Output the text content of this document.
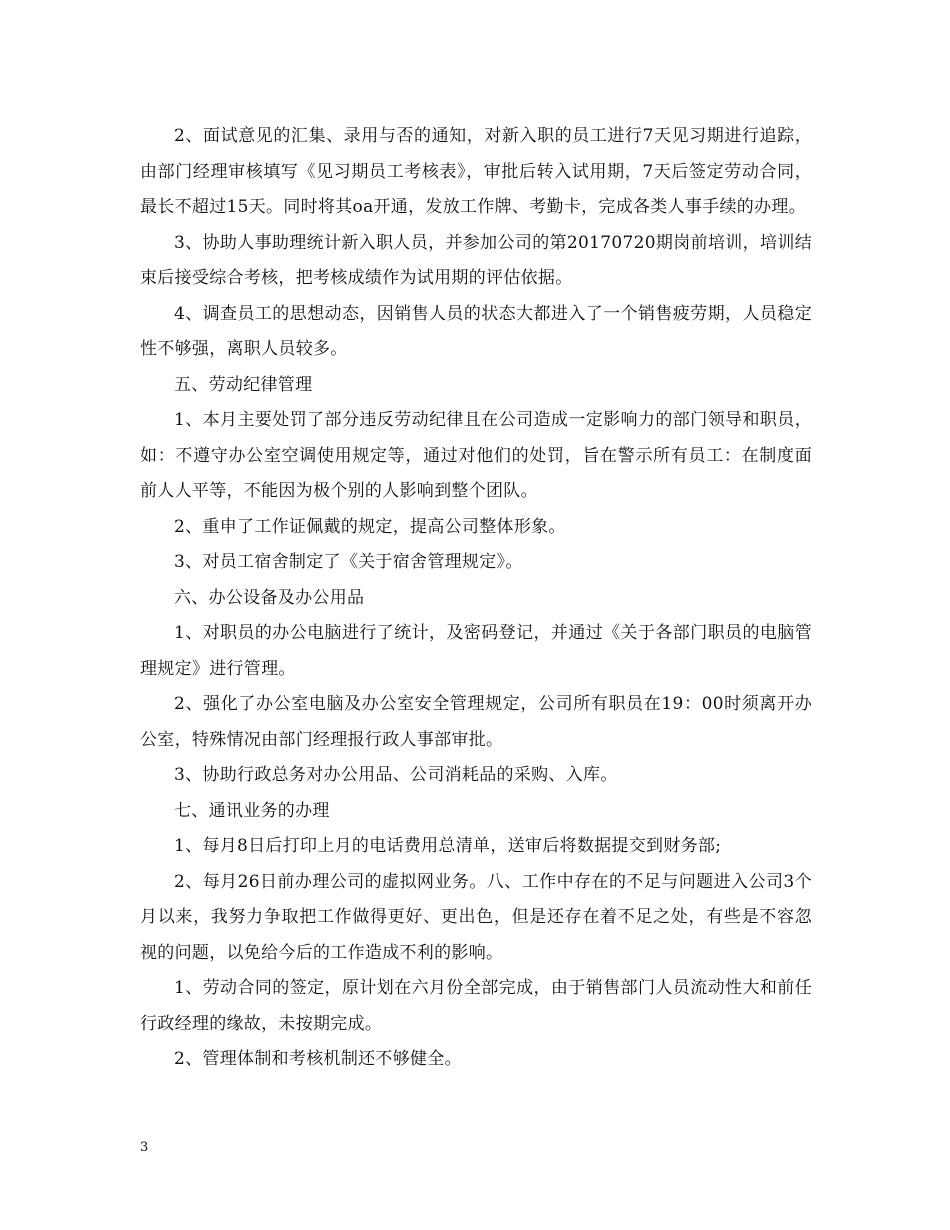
2、面试意见的汇集、录用与否的通知，对新入职的员工进行7天见习期进行追踪，由部门经理审核填写《见习期员工考核表》，审批后转入试用期，7天后签定劳动合同，最长不超过15天。同时将其oa开通，发放工作牌、考勤卡，完成各类人事手续的办理。

3、协助人事助理统计新入职人员，并参加公司的第20170720期岗前培训，培训结束后接受综合考核，把考核成绩作为试用期的评估依据。

4、调查员工的思想动态，因销售人员的状态大都进入了一个销售疲劳期，人员稳定性不够强，离职人员较多。

五、劳动纪律管理

1、本月主要处罚了部分违反劳动纪律且在公司造成一定影响力的部门领导和职员，如：不遵守办公室空调使用规定等，通过对他们的处罚，旨在警示所有员工：在制度面前人人平等，不能因为极个别的人影响到整个团队。

2、重申了工作证佩戴的规定，提高公司整体形象。

3、对员工宿舍制定了《关于宿舍管理规定》。

六、办公设备及办公用品

1、对职员的办公电脑进行了统计，及密码登记，并通过《关于各部门职员的电脑管理规定》进行管理。

2、强化了办公室电脑及办公室安全管理规定，公司所有职员在19：00时须离开办公室，特殊情况由部门经理报行政人事部审批。

3、协助行政总务对办公用品、公司消耗品的采购、入库。

七、通讯业务的办理

1、每月8日后打印上月的电话费用总清单，送审后将数据提交到财务部;

2、每月26日前办理公司的虚拟网业务。八、工作中存在的不足与问题进入公司3个月以来，我努力争取把工作做得更好、更出色，但是还存在着不足之处，有些是不容忽视的问题，以免给今后的工作造成不利的影响。

1、劳动合同的签定，原计划在六月份全部完成，由于销售部门人员流动性大和前任行政经理的缘故，未按期完成。

2、管理体制和考核机制还不够健全。

3
